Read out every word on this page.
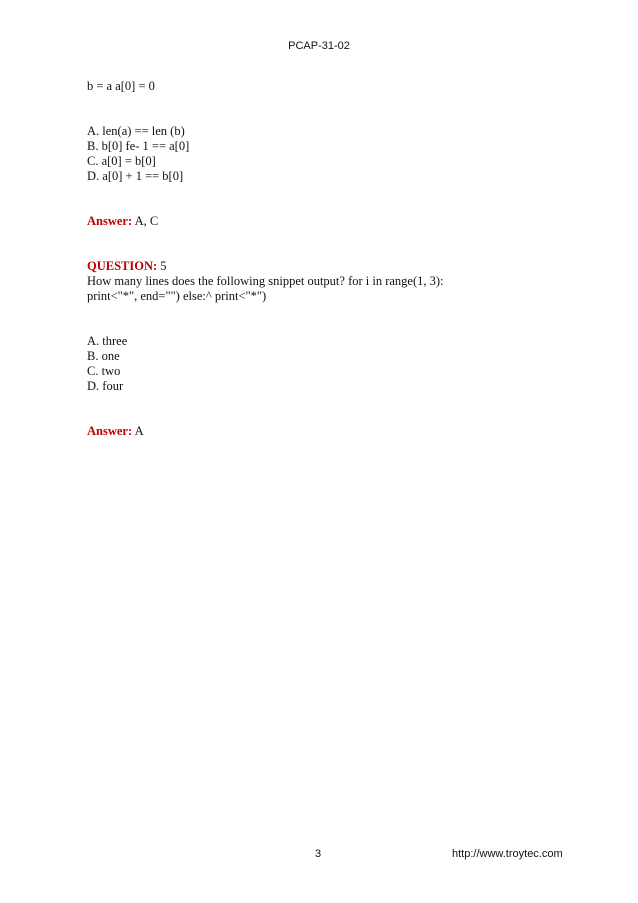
PCAP-31-02
b = a a[0] = 0
A. len(a) == len (b)
B. b[0] fe- 1 == a[0]
C. a[0] = b[0]
D. a[0] + 1 == b[0]
Answer: A, C
QUESTION: 5
How many lines does the following snippet output? for i in range(1, 3):
print<"*", end="") else:^ print<"*")
A. three
B. one
C. two
D. four
Answer: A
3	http://www.troytec.com
